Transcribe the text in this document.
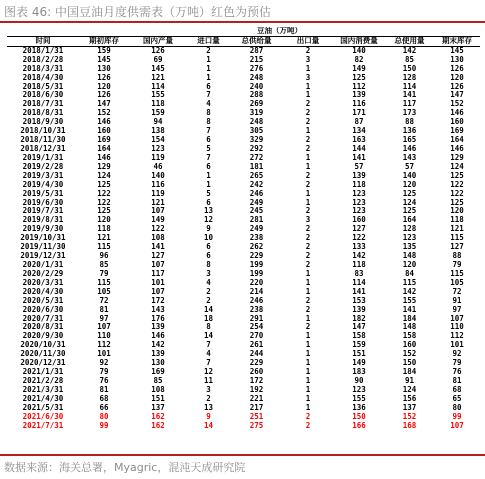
图表 46: 中国豆油月度供需表（万吨）红色为预估
	豆油（万吨）							
时间	期初库存	国内产量	进口量	总供给量	出口量	国内消费量	总使用量	期末库存
2018/1/31	159	126	2	287	2	140	142	145
2018/2/28	145	69	1	215	3	82	85	130
2018/3/31	130	145	1	276	1	149	150	126
2018/4/30	126	121	1	248	3	125	128	120
2018/5/31	120	114	6	240	1	112	114	126
2018/6/30	126	155	7	288	1	139	141	147
2018/7/31	147	118	4	269	2	116	117	152
2018/8/31	152	159	8	319	2	171	173	146
2018/9/30	146	94	8	248	2	87	88	160
2018/10/31	160	138	7	305	1	134	136	169
2018/11/30	169	154	6	329	2	163	165	164
2018/12/31	164	123	5	292	2	144	146	146
2019/1/31	146	119	7	272	1	141	143	129
2019/2/28	129	46	6	181	1	57	57	124
2019/3/31	124	140	1	265	2	139	140	125
2019/4/30	125	116	1	242	2	118	120	122
2019/5/31	122	119	5	246	1	123	125	122
2019/6/30	122	121	6	249	1	123	124	125
2019/7/31	125	107	13	245	2	123	125	120
2019/8/31	120	149	12	281	3	160	164	118
2019/9/30	118	122	9	249	2	127	128	121
2019/10/31	121	108	10	238	2	122	123	115
2019/11/30	115	141	6	262	2	133	135	127
2019/12/31	96	127	6	229	2	142	148	88
2020/1/31	85	107	8	199	2	118	120	79
2020/2/29	79	117	3	199	1	83	84	115
2020/3/31	115	101	4	220	1	114	115	105
2020/4/30	105	107	2	214	1	141	142	72
2020/5/31	72	172	2	246	2	153	155	91
2020/6/30	81	143	14	238	2	139	141	97
2020/7/31	97	176	18	291	1	182	184	107
2020/8/31	107	139	8	254	2	147	148	110
2020/9/30	110	146	14	270	1	158	158	112
2020/10/31	112	142	7	261	1	159	160	101
2020/11/30	101	139	4	244	1	151	152	92
2020/12/31	92	130	7	229	1	149	150	79
2021/1/31	79	169	12	260	1	183	184	76
2021/2/28	76	85	11	172	1	90	91	81
2021/3/31	81	108	3	192	1	123	124	68
2021/4/30	68	151	2	221	1	155	156	65
2021/5/31	66	137	13	217	1	136	137	80
2021/6/30	80	162	9	251	2	150	152	99
2021/7/31	99	162	14	275	2	166	168	107
数据来源：海关总署，Myagric，混沌天成研究院
